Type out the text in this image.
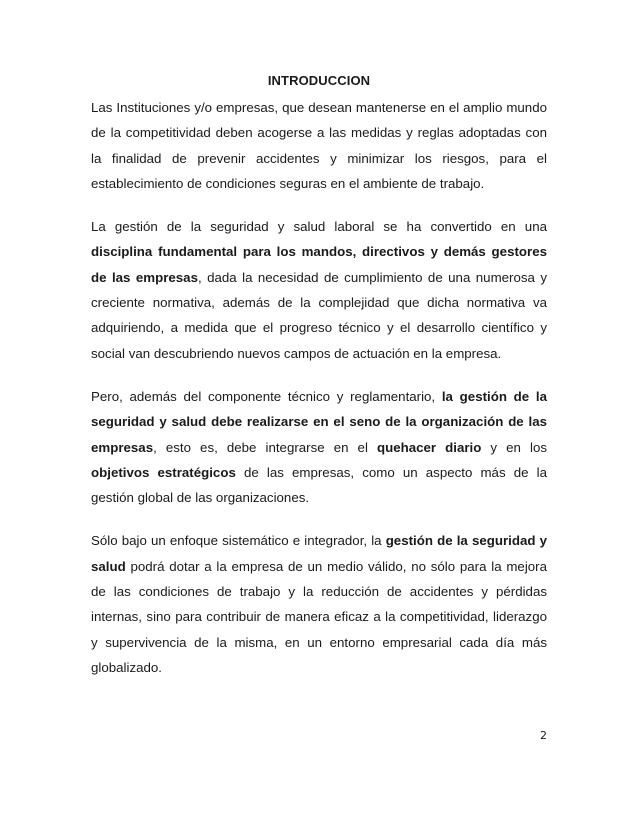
INTRODUCCION

Las Instituciones y/o empresas, que desean mantenerse en el amplio mundo de la competitividad deben acogerse a las medidas y reglas adoptadas con la finalidad de prevenir accidentes y minimizar los riesgos, para el establecimiento de condiciones seguras en el ambiente de trabajo.

La gestión de la seguridad y salud laboral se ha convertido en una disciplina fundamental para los mandos, directivos y demás gestores de las empresas, dada la necesidad de cumplimiento de una numerosa y creciente normativa, además de la complejidad que dicha normativa va adquiriendo, a medida que el progreso técnico y el desarrollo científico y social van descubriendo nuevos campos de actuación en la empresa.

Pero, además del componente técnico y reglamentario, la gestión de la seguridad y salud debe realizarse en el seno de la organización de las empresas, esto es, debe integrarse en el quehacer diario y en los objetivos estratégicos de las empresas, como un aspecto más de la gestión global de las organizaciones.

Sólo bajo un enfoque sistemático e integrador, la gestión de la seguridad y salud podrá dotar a la empresa de un medio válido, no sólo para la mejora de las condiciones de trabajo y la reducción de accidentes y pérdidas internas, sino para contribuir de manera eficaz a la competitividad, liderazgo y supervivencia de la misma, en un entorno empresarial cada día más globalizado.

2
